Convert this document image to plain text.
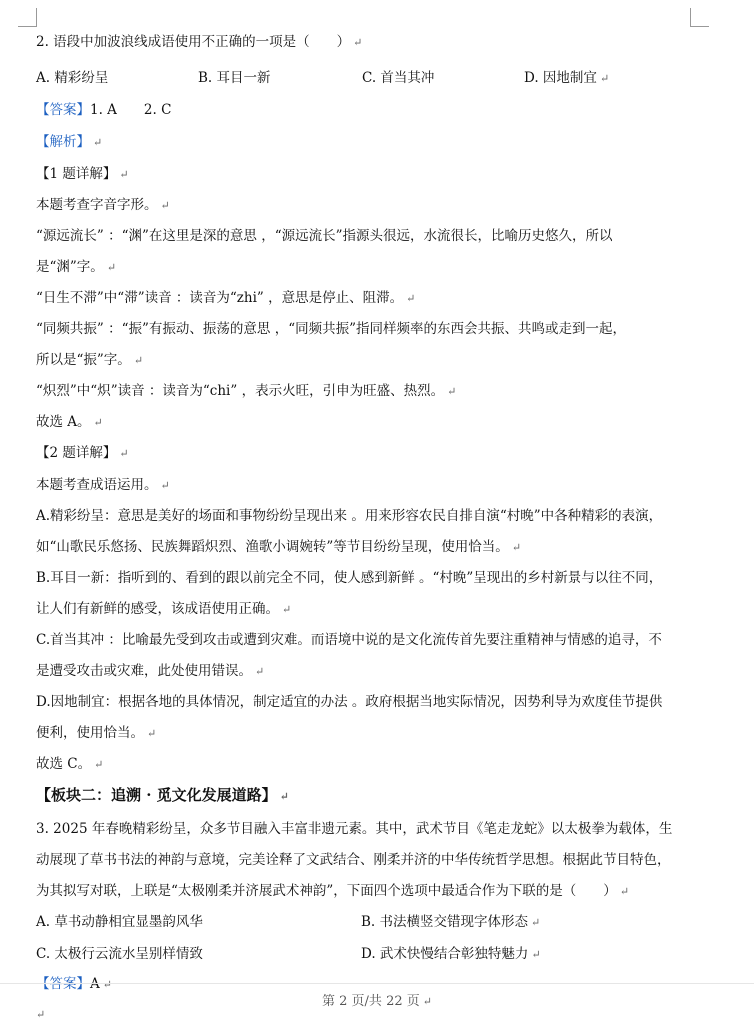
2. 语段中加波浪线成语使用不正确的一项是（　　） ↵
A. 精彩纷呈	B. 耳目一新	C. 首当其冲	D. 因地制宜 ↵
【答案】1. A　　2. C
【解析】 ↵
【1 题详解】 ↵
本题考查字音字形。 ↵
“源远流长” ：“渊”在这里是深的意思 ，“源远流长”指源头很远，水流很长，比喻历史悠久，所以
是“渊”字。 ↵
“日生不滞”中“滞”读音 ：读音为“zhi” ，意思是停止、阻滞。 ↵
“同频共振” ：“振”有振动、振荡的意思 ，“同频共振”指同样频率的东西会共振、共鸣或走到一起，
所以是“振”字。 ↵
“炽烈”中“炽”读音 ：读音为“chi” ，表示火旺，引申为旺盛、热烈。 ↵
故选 A。 ↵
【2 题详解】 ↵
本题考查成语运用。 ↵
A.精彩纷呈：意思是美好的场面和事物纷纷呈现出来 。用来形容农民自排自演“村晚”中各种精彩的表演，
如“山歌民乐悠扬、民族舞蹈炽烈、渔歌小调婉转”等节目纷纷呈现，使用恰当。 ↵
B.耳目一新：指听到的、看到的跟以前完全不同，使人感到新鲜 。“村晚”呈现出的乡村新景与以往不同，
让人们有新鲜的感受，该成语使用正确。 ↵
C.首当其冲 ：比喻最先受到攻击或遭到灾难。而语境中说的是文化流传首先要注重精神与情感的追寻，不
是遭受攻击或灾难，此处使用错误。 ↵
D.因地制宜：根据各地的具体情况，制定适宜的办法 。政府根据当地实际情况，因势利导为欢度佳节提供
便利，使用恰当。 ↵
故选 C。 ↵
【板块二：追溯 · 觅文化发展道路】 ↵
3. 2025 年春晚精彩纷呈，众多节目融入丰富非遗元素。其中，武术节目《笔走龙蛇》以太极拳为载体，生
动展现了草书书法的神韵与意境，完美诠释了文武结合、刚柔并济的中华传统哲学思想。根据此节目特色，
为其拟写对联，上联是“太极刚柔并济展武术神韵”，下面四个选项中最适合作为下联的是（　　） ↵
A. 草书动静相宜显墨韵风华	B. 书法横竖交错现字体形态 ↵
C. 太极行云流水呈别样情致	D. 武术快慢结合彰独特魅力 ↵
【答案】A ↵
第 2 页/共 22 页 ↵
↵
